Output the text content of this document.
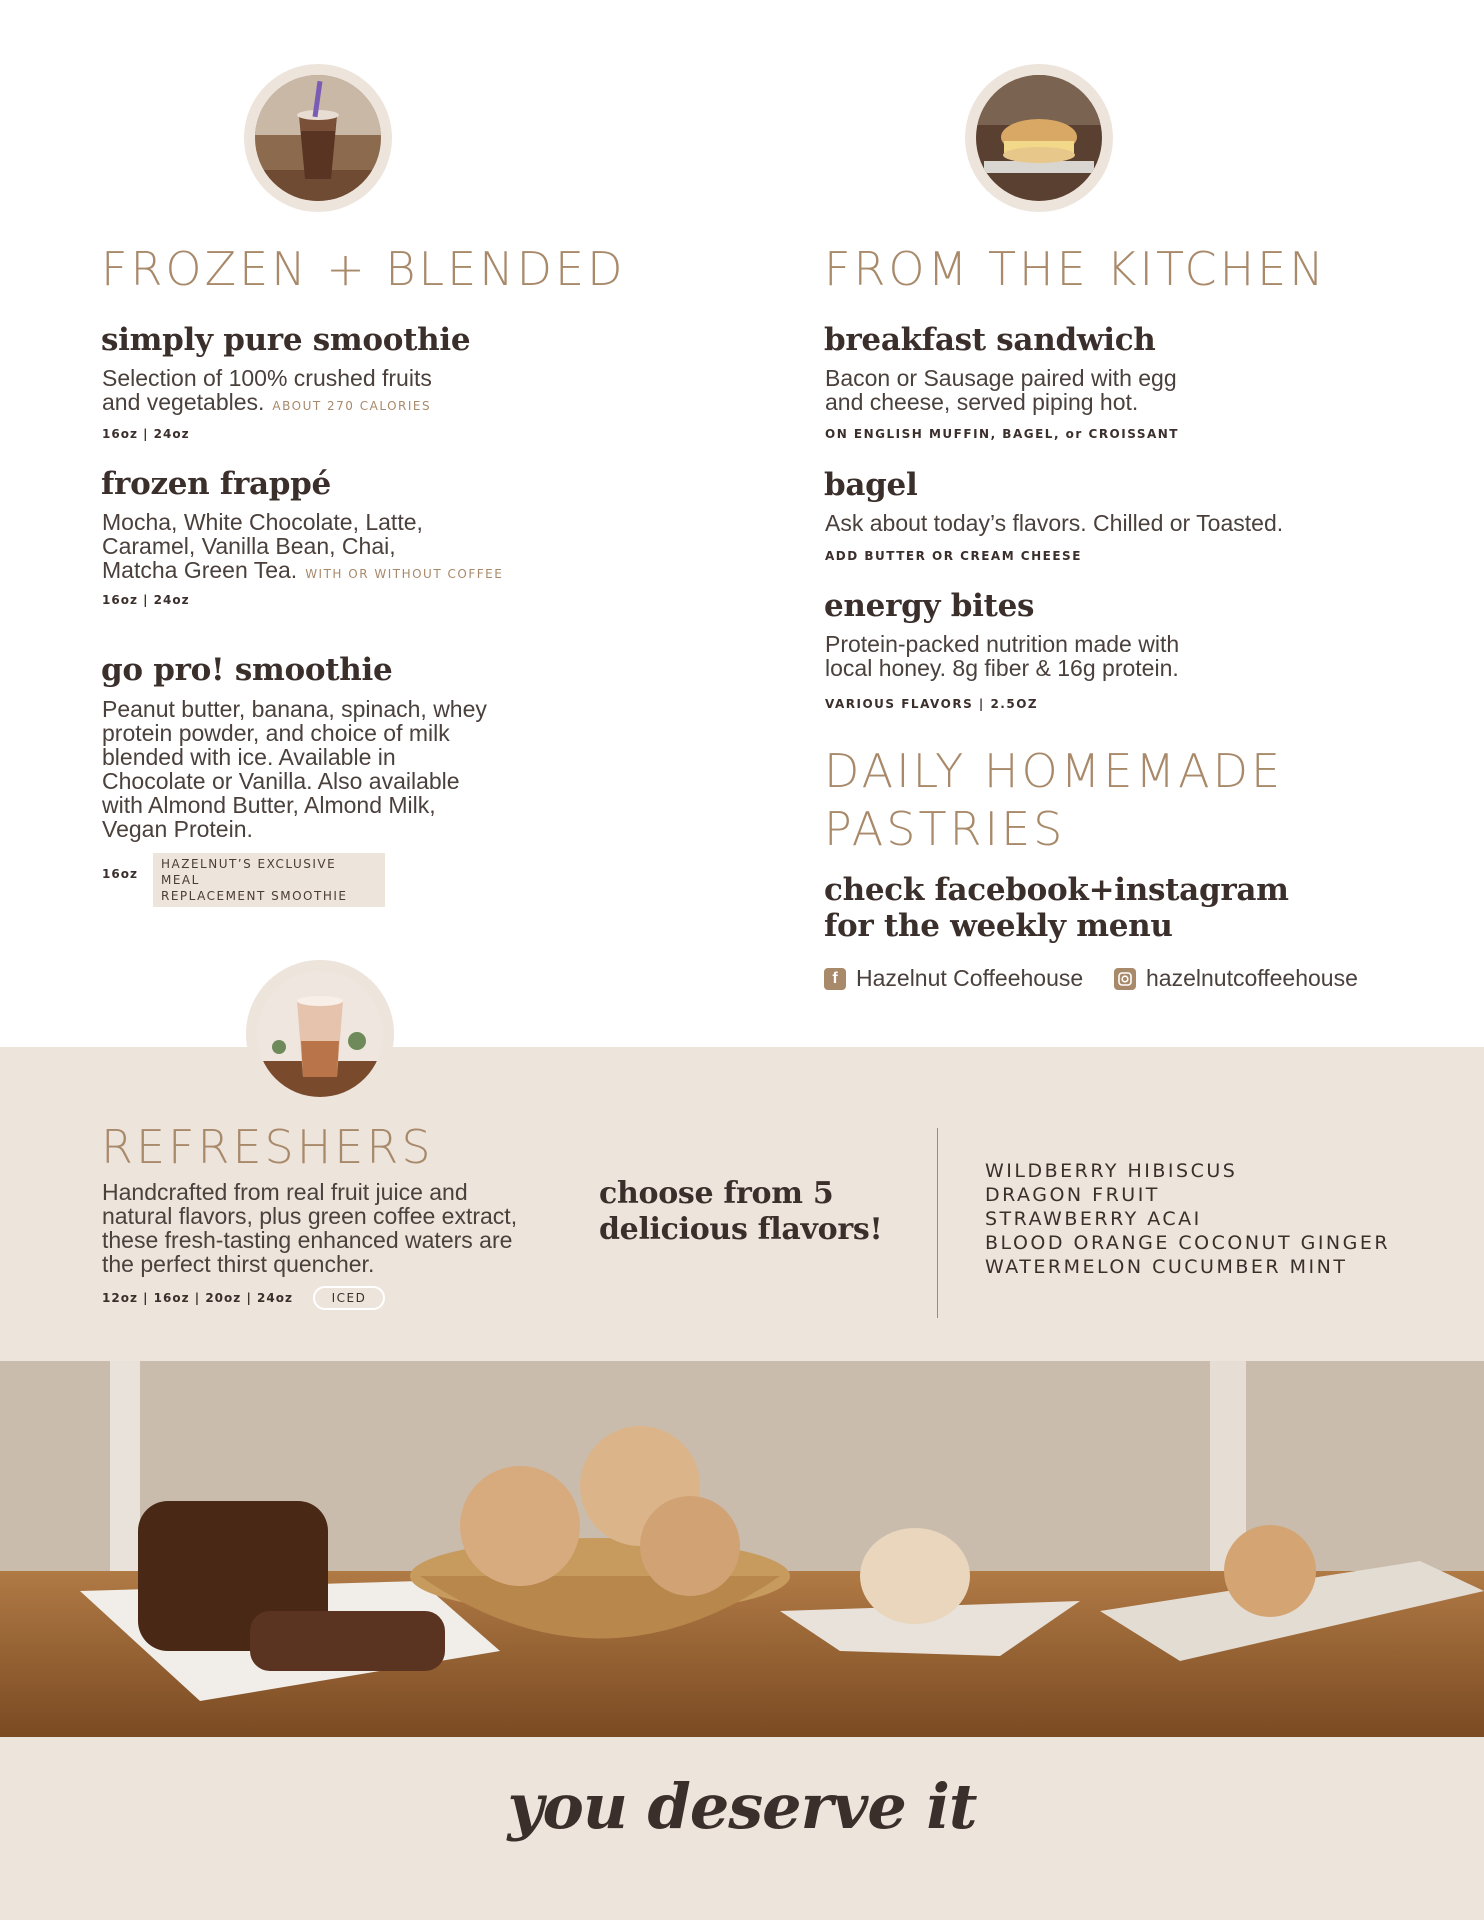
FROZEN + BLENDED
simply pure smoothie
Selection of 100% crushed fruits
and vegetables. ABOUT 270 CALORIES
16oz | 24oz
frozen frappé
Mocha, White Chocolate, Latte,
Caramel, Vanilla Bean, Chai,
Matcha Green Tea. WITH OR WITHOUT COFFEE
16oz | 24oz
go pro! smoothie
Peanut butter, banana, spinach, whey
protein powder, and choice of milk
blended with ice. Available in
Chocolate or Vanilla. Also available
with Almond Butter, Almond Milk,
Vegan Protein.
16oz
HAZELNUT’S EXCLUSIVE MEAL
REPLACEMENT SMOOTHIE
FROM THE KITCHEN
breakfast sandwich
Bacon or Sausage paired with egg
and cheese, served piping hot.
ON ENGLISH MUFFIN, BAGEL, or CROISSANT
bagel
Ask about today’s flavors. Chilled or Toasted.
ADD BUTTER OR CREAM CHEESE
energy bites
Protein-packed nutrition made with
local honey. 8g fiber & 16g protein.
VARIOUS FLAVORS | 2.5OZ
DAILY HOMEMADE
PASTRIES
check facebook+instagram
for the weekly menu
f Hazelnut Coffeehouse	hazelnutcoffeehouse
REFRESHERS
Handcrafted from real fruit juice and
natural flavors, plus green coffee extract,
these fresh-tasting enhanced waters are
the perfect thirst quencher.
12oz | 16oz | 20oz | 24oz	ICED
choose from 5
delicious flavors!
WILDBERRY HIBISCUS
DRAGON FRUIT
STRAWBERRY ACAI
BLOOD ORANGE COCONUT GINGER
WATERMELON CUCUMBER MINT
you deserve it
